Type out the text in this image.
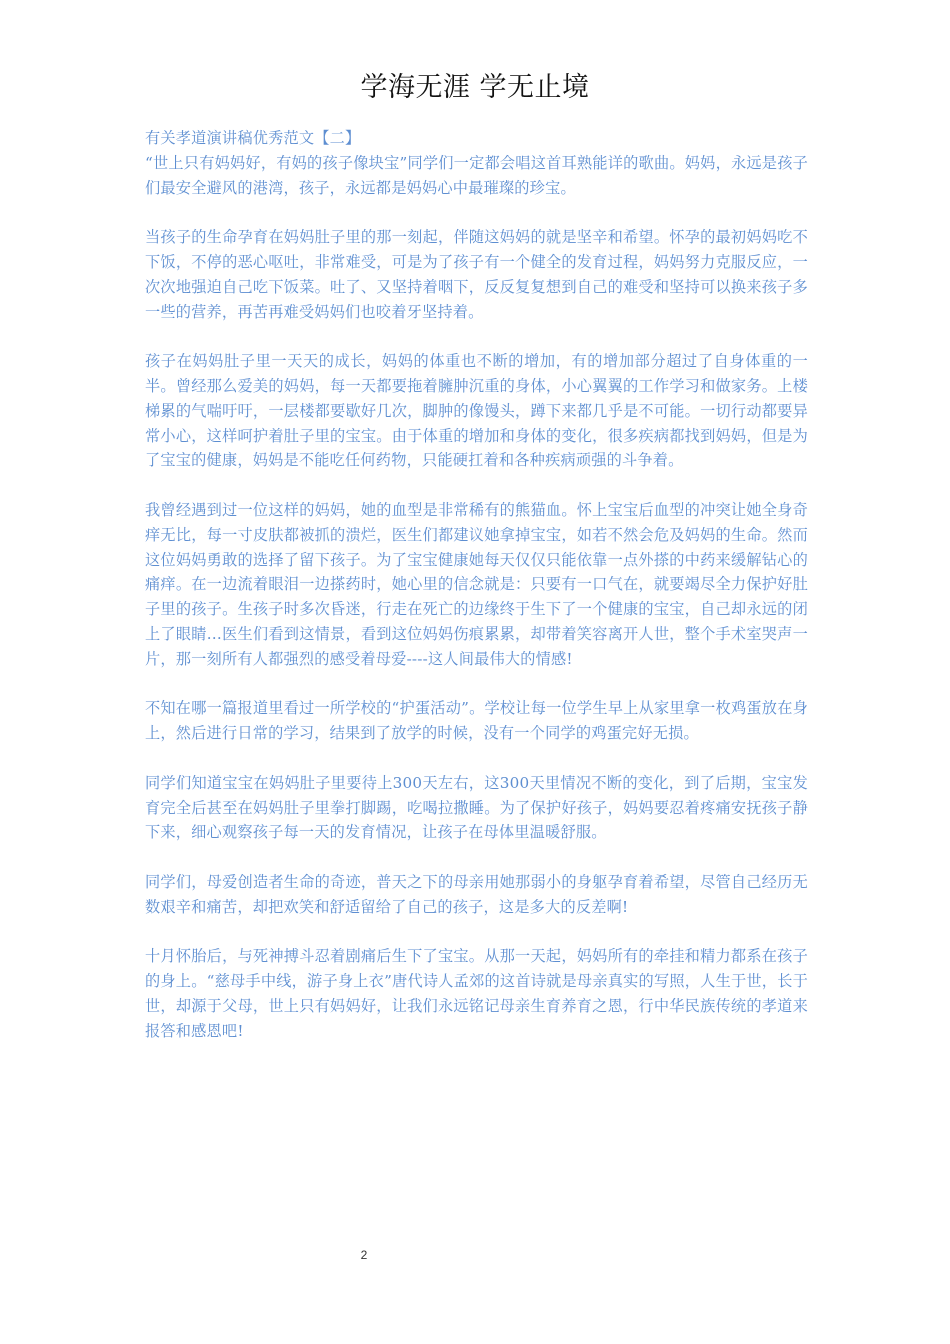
学海无涯 学无止境

有关孝道演讲稿优秀范文【二】

“世上只有妈妈好，有妈的孩子像块宝”同学们一定都会唱这首耳熟能详的歌曲。妈妈，永远是孩子们最安全避风的港湾，孩子，永远都是妈妈心中最璀璨的珍宝。

当孩子的生命孕育在妈妈肚子里的那一刻起，伴随这妈妈的就是坚辛和希望。怀孕的最初妈妈吃不下饭，不停的恶心呕吐，非常难受，可是为了孩子有一个健全的发育过程，妈妈努力克服反应，一次次地强迫自己吃下饭菜。吐了、又坚持着咽下，反反复复想到自己的难受和坚持可以换来孩子多一些的营养，再苦再难受妈妈们也咬着牙坚持着。

孩子在妈妈肚子里一天天的成长，妈妈的体重也不断的增加，有的增加部分超过了自身体重的一半。曾经那么爱美的妈妈，每一天都要拖着臃肿沉重的身体，小心翼翼的工作学习和做家务。上楼梯累的气喘吁吁，一层楼都要歇好几次，脚肿的像馒头，蹲下来都几乎是不可能。一切行动都要异常小心，这样呵护着肚子里的宝宝。由于体重的增加和身体的变化，很多疾病都找到妈妈，但是为了宝宝的健康，妈妈是不能吃任何药物，只能硬扛着和各种疾病顽强的斗争着。

我曾经遇到过一位这样的妈妈，她的血型是非常稀有的熊猫血。怀上宝宝后血型的冲突让她全身奇痒无比，每一寸皮肤都被抓的溃烂，医生们都建议她拿掉宝宝，如若不然会危及妈妈的生命。然而这位妈妈勇敢的选择了留下孩子。为了宝宝健康她每天仅仅只能依靠一点外搽的中药来缓解钻心的痛痒。在一边流着眼泪一边搽药时，她心里的信念就是：只要有一口气在，就要竭尽全力保护好肚子里的孩子。生孩子时多次昏迷，行走在死亡的边缘终于生下了一个健康的宝宝，自己却永远的闭上了眼睛…医生们看到这情景，看到这位妈妈伤痕累累，却带着笑容离开人世，整个手术室哭声一片，那一刻所有人都强烈的感受着母爱----这人间最伟大的情感!

不知在哪一篇报道里看过一所学校的“护蛋活动”。学校让每一位学生早上从家里拿一枚鸡蛋放在身上，然后进行日常的学习，结果到了放学的时候，没有一个同学的鸡蛋完好无损。

同学们知道宝宝在妈妈肚子里要待上300天左右，这300天里情况不断的变化，到了后期，宝宝发育完全后甚至在妈妈肚子里拳打脚踢，吃喝拉撒睡。为了保护好孩子，妈妈要忍着疼痛安抚孩子静下来，细心观察孩子每一天的发育情况，让孩子在母体里温暖舒服。

同学们，母爱创造者生命的奇迹，普天之下的母亲用她那弱小的身躯孕育着希望，尽管自己经历无数艰辛和痛苦，却把欢笑和舒适留给了自己的孩子，这是多大的反差啊!

十月怀胎后，与死神搏斗忍着剧痛后生下了宝宝。从那一天起，妈妈所有的牵挂和精力都系在孩子的身上。“慈母手中线，游子身上衣”唐代诗人孟郊的这首诗就是母亲真实的写照，人生于世，长于世，却源于父母，世上只有妈妈好，让我们永远铭记母亲生育养育之恩，行中华民族传统的孝道来报答和感恩吧!

2
